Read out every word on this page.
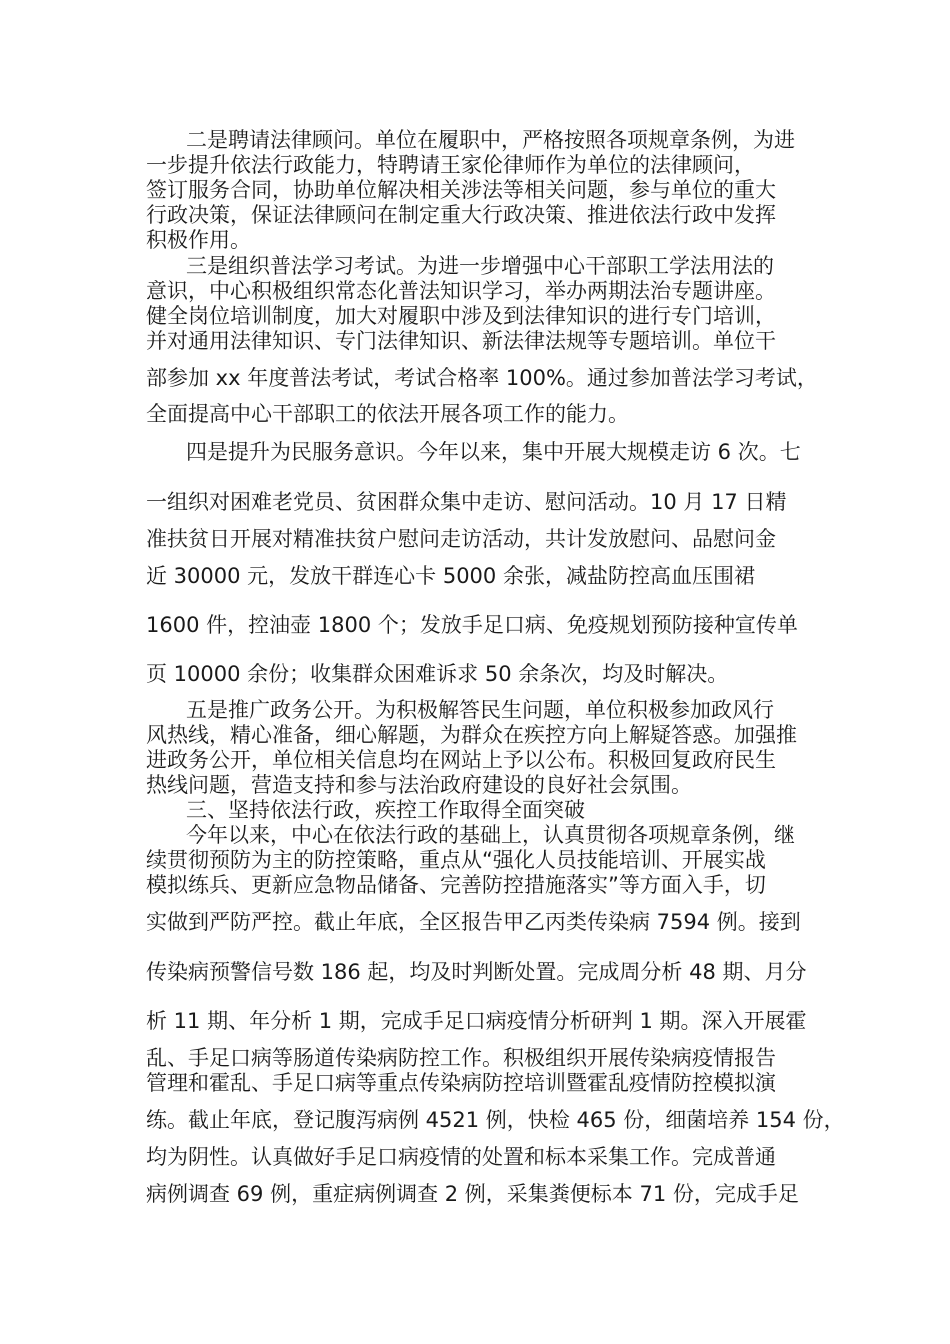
二是聘请法律顾问。单位在履职中，严格按照各项规章条例，为进
一步提升依法行政能力，特聘请王家伦律师作为单位的法律顾问，
签订服务合同，协助单位解决相关涉法等相关问题，参与单位的重大
行政决策，保证法律顾问在制定重大行政决策、推进依法行政中发挥
积极作用。
三是组织普法学习考试。为进一步增强中心干部职工学法用法的
意识，中心积极组织常态化普法知识学习，举办两期法治专题讲座。
健全岗位培训制度，加大对履职中涉及到法律知识的进行专门培训，
并对通用法律知识、专门法律知识、新法律法规等专题培训。单位干
部参加 xx 年度普法考试，考试合格率 100%。通过参加普法学习考试，
全面提高中心干部职工的依法开展各项工作的能力。
四是提升为民服务意识。今年以来，集中开展大规模走访 6 次。七
一组织对困难老党员、贫困群众集中走访、慰问活动。10 月 17 日精
准扶贫日开展对精准扶贫户慰问走访活动，共计发放慰问、品慰问金
近 30000 元，发放干群连心卡 5000 余张，减盐防控高血压围裙
1600 件，控油壶 1800 个；发放手足口病、免疫规划预防接种宣传单
页 10000 余份；收集群众困难诉求 50 余条次，均及时解决。
五是推广政务公开。为积极解答民生问题，单位积极参加政风行
风热线，精心准备，细心解题，为群众在疾控方向上解疑答惑。加强推
进政务公开，单位相关信息均在网站上予以公布。积极回复政府民生
热线问题，营造支持和参与法治政府建设的良好社会氛围。
三、坚持依法行政，疾控工作取得全面突破
今年以来，中心在依法行政的基础上，认真贯彻各项规章条例，继
续贯彻预防为主的防控策略，重点从“强化人员技能培训、开展实战
模拟练兵、更新应急物品储备、完善防控措施落实”等方面入手，切
实做到严防严控。截止年底，全区报告甲乙丙类传染病 7594 例。接到
传染病预警信号数 186 起，均及时判断处置。完成周分析 48 期、月分
析 11 期、年分析 1 期，完成手足口病疫情分析研判 1 期。深入开展霍
乱、手足口病等肠道传染病防控工作。积极组织开展传染病疫情报告
管理和霍乱、手足口病等重点传染病防控培训暨霍乱疫情防控模拟演
练。截止年底，登记腹泻病例 4521 例，快检 465 份，细菌培养 154 份，
均为阴性。认真做好手足口病疫情的处置和标本采集工作。完成普通
病例调查 69 例，重症病例调查 2 例，采集粪便标本 71 份，完成手足
